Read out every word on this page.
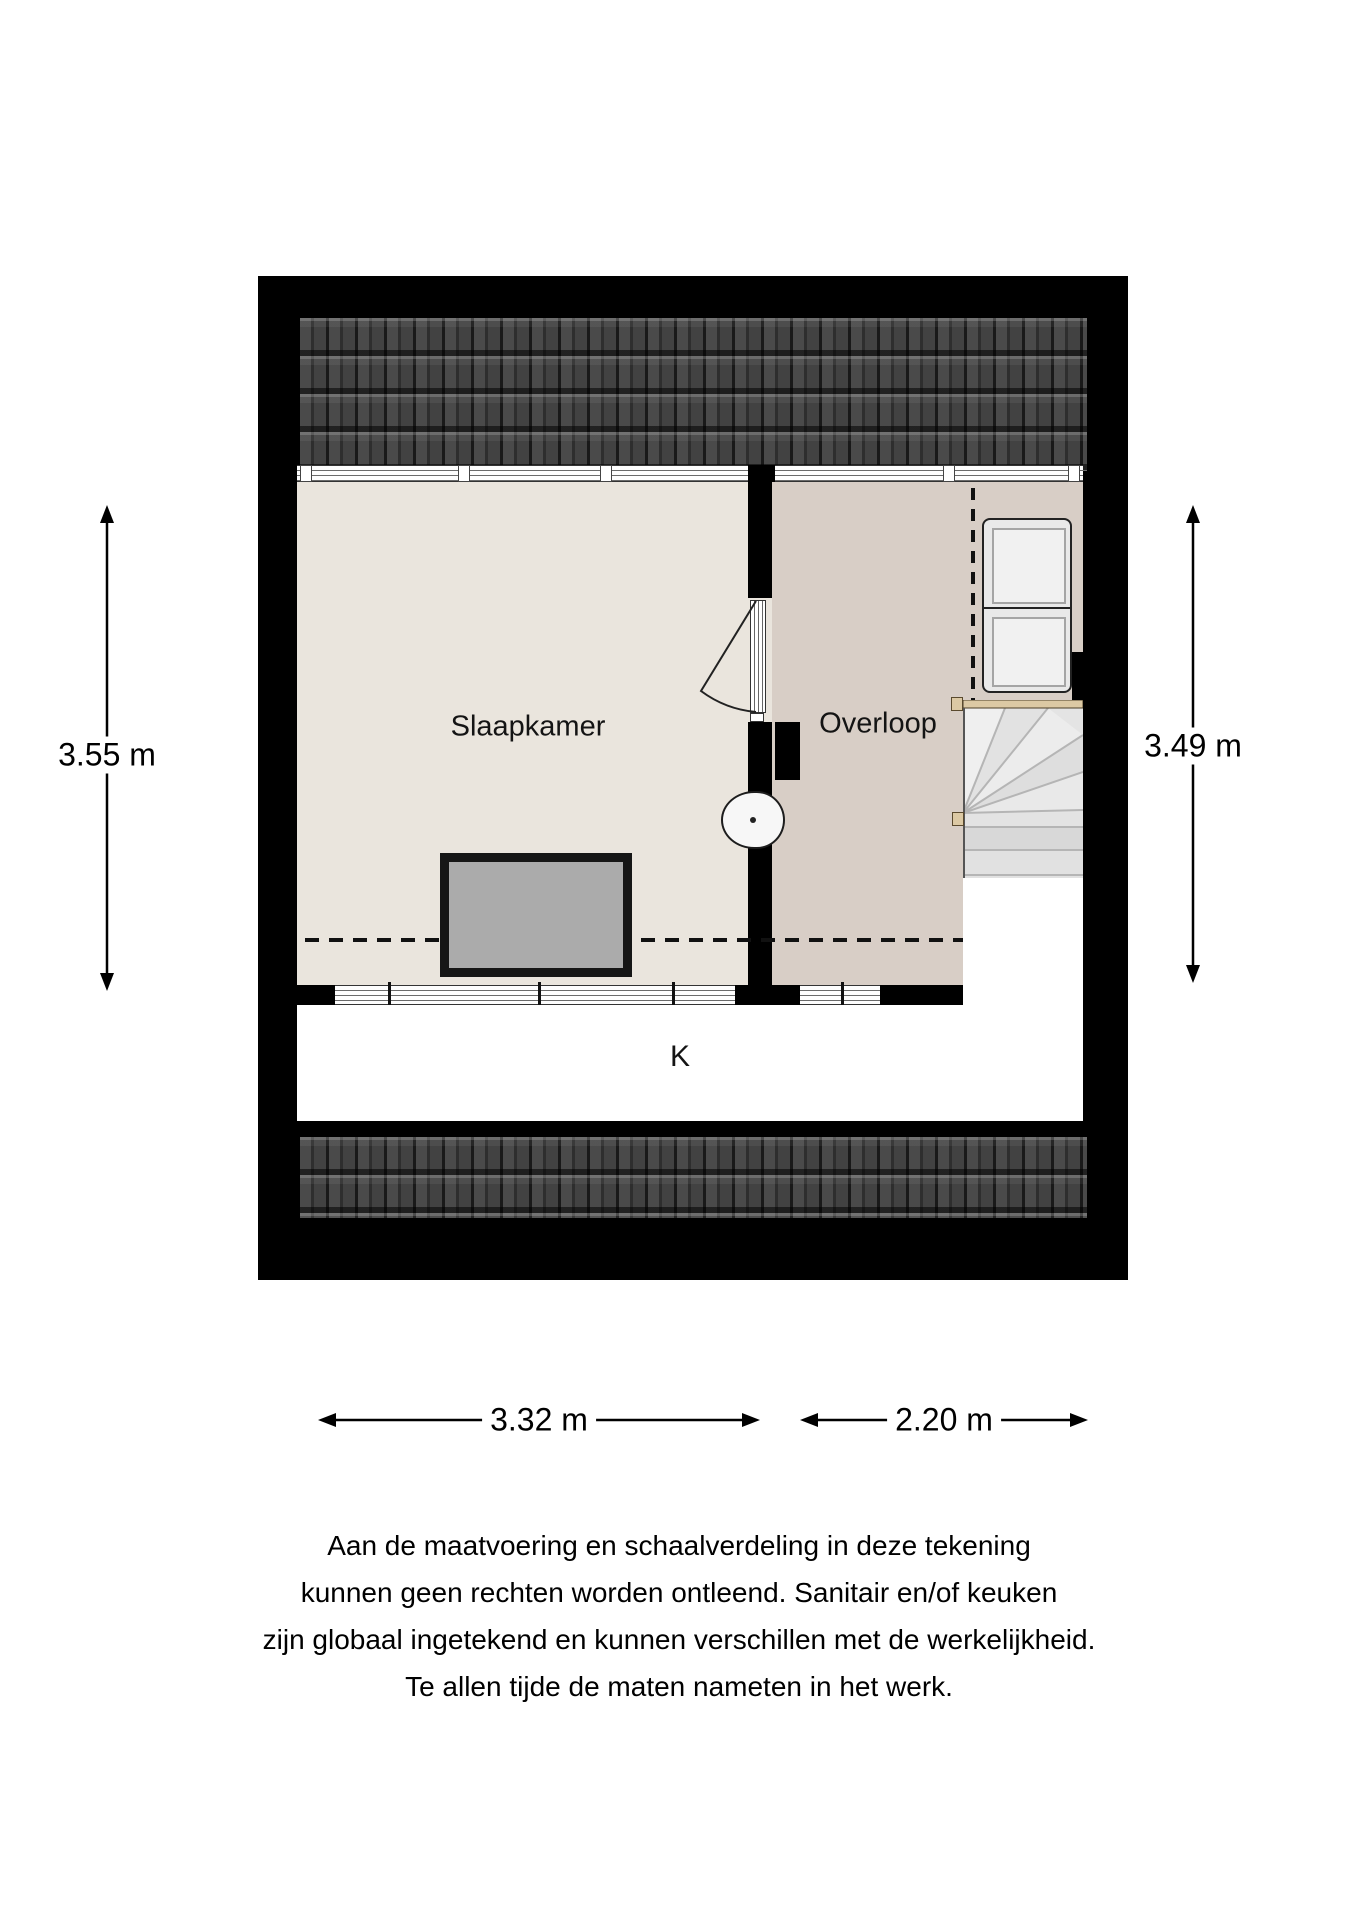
Slaapkamer	Overloop
K
3.55 m	3.49 m
3.32 m	2.20 m
Aan de maatvoering en schaalverdeling in deze tekening
kunnen geen rechten worden ontleend. Sanitair en/of keuken
zijn globaal ingetekend en kunnen verschillen met de werkelijkheid.
Te allen tijde de maten nameten in het werk.
